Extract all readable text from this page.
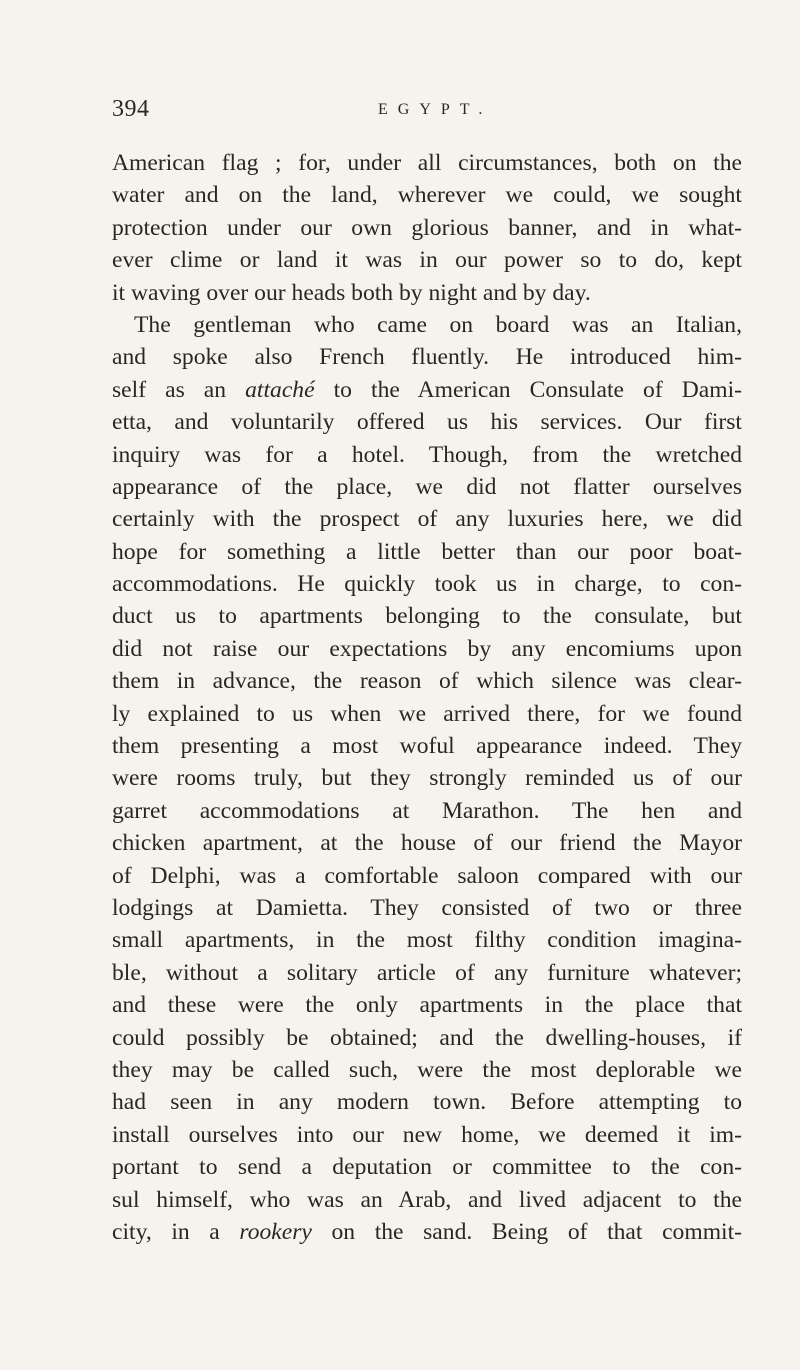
394	EGYPT.
American flag ; for, under all circumstances, both on the
water and on the land, wherever we could, we sought
protection under our own glorious banner, and in what-
ever clime or land it was in our power so to do, kept
it waving over our heads both by night and by day.
The gentleman who came on board was an Italian,
and spoke also French fluently. He introduced him-
self as an attaché to the American Consulate of Dami-
etta, and voluntarily offered us his services. Our first
inquiry was for a hotel. Though, from the wretched
appearance of the place, we did not flatter ourselves
certainly with the prospect of any luxuries here, we did
hope for something a little better than our poor boat-
accommodations. He quickly took us in charge, to con-
duct us to apartments belonging to the consulate, but
did not raise our expectations by any encomiums upon
them in advance, the reason of which silence was clear-
ly explained to us when we arrived there, for we found
them presenting a most woful appearance indeed. They
were rooms truly, but they strongly reminded us of our
garret accommodations at Marathon. The hen and
chicken apartment, at the house of our friend the Mayor
of Delphi, was a comfortable saloon compared with our
lodgings at Damietta. They consisted of two or three
small apartments, in the most filthy condition imagina-
ble, without a solitary article of any furniture whatever;
and these were the only apartments in the place that
could possibly be obtained; and the dwelling-houses, if
they may be called such, were the most deplorable we
had seen in any modern town. Before attempting to
install ourselves into our new home, we deemed it im-
portant to send a deputation or committee to the con-
sul himself, who was an Arab, and lived adjacent to the
city, in a rookery on the sand. Being of that commit-
